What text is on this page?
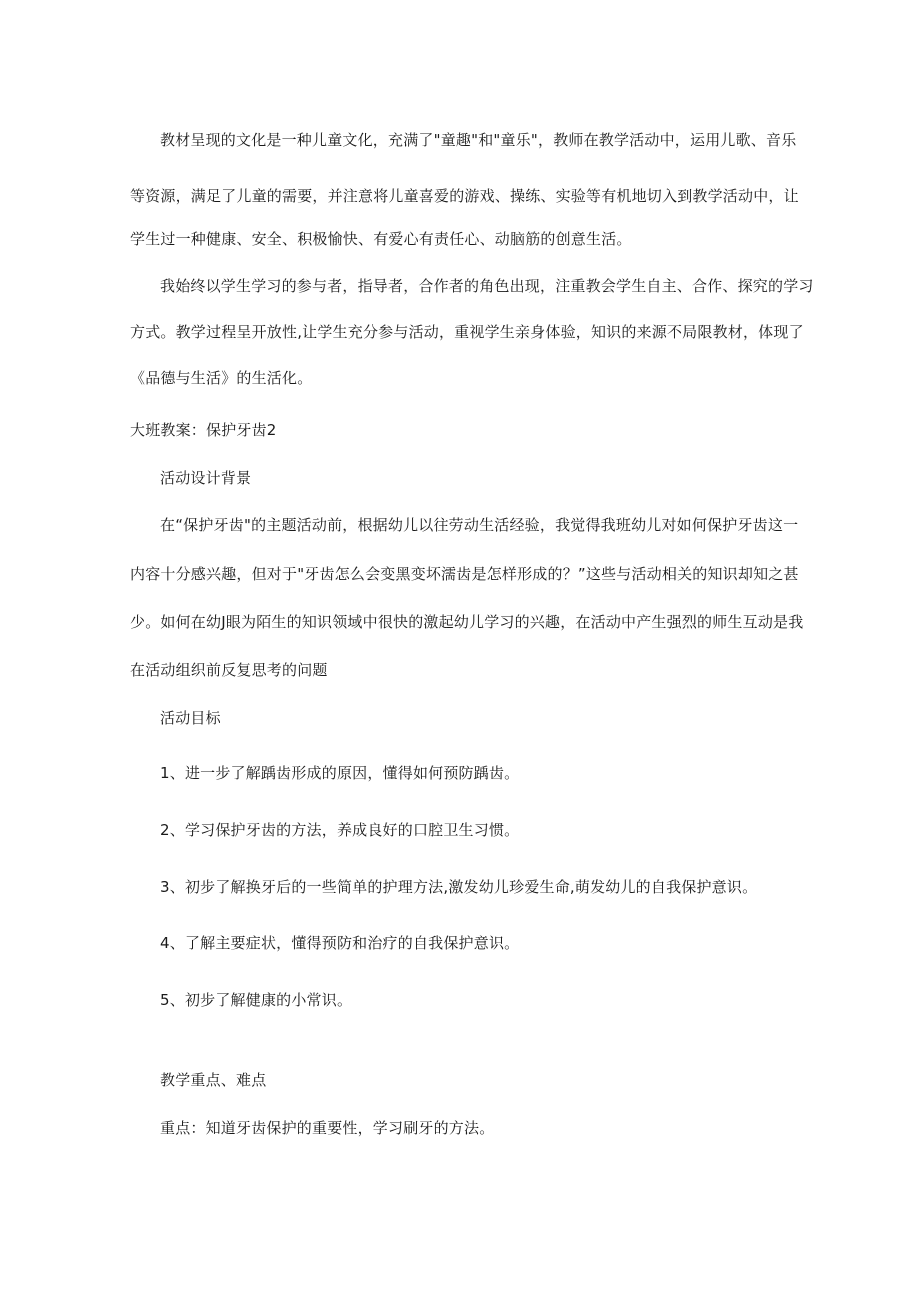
教材呈现的文化是一种儿童文化，充满了"童趣"和"童乐"，教师在教学活动中，运用儿歌、音乐
等资源，满足了儿童的需要，并注意将儿童喜爱的游戏、操练、实验等有机地切入到教学活动中，让
学生过一种健康、安全、积极愉快、有爱心有责任心、动脑筋的创意生活。
我始终以学生学习的参与者，指导者，合作者的角色出现，注重教会学生自主、合作、探究的学习
方式。教学过程呈开放性,让学生充分参与活动，重视学生亲身体验，知识的来源不局限教材，体现了
《品德与生活》的生活化。
大班教案：保护牙齿2
活动设计背景
在“保护牙齿"的主题活动前，根据幼儿以往劳动生活经验，我觉得我班幼儿对如何保护牙齿这一
内容十分感兴趣，但对于"牙齿怎么会变黑变坏濡齿是怎样形成的？”这些与活动相关的知识却知之甚
少。如何在幼J眼为陌生的知识领域中很快的激起幼儿学习的兴趣，在活动中产生强烈的师生互动是我
在活动组织前反复思考的问题
活动目标
1、进一步了解踽齿形成的原因，懂得如何预防踽齿。
2、学习保护牙齿的方法，养成良好的口腔卫生习惯。
3、初步了解换牙后的一些简单的护理方法,激发幼儿珍爱生命,萌发幼儿的自我保护意识。
4、了解主要症状，懂得预防和治疗的自我保护意识。
5、初步了解健康的小常识。
教学重点、难点
重点：知道牙齿保护的重要性，学习刷牙的方法。
